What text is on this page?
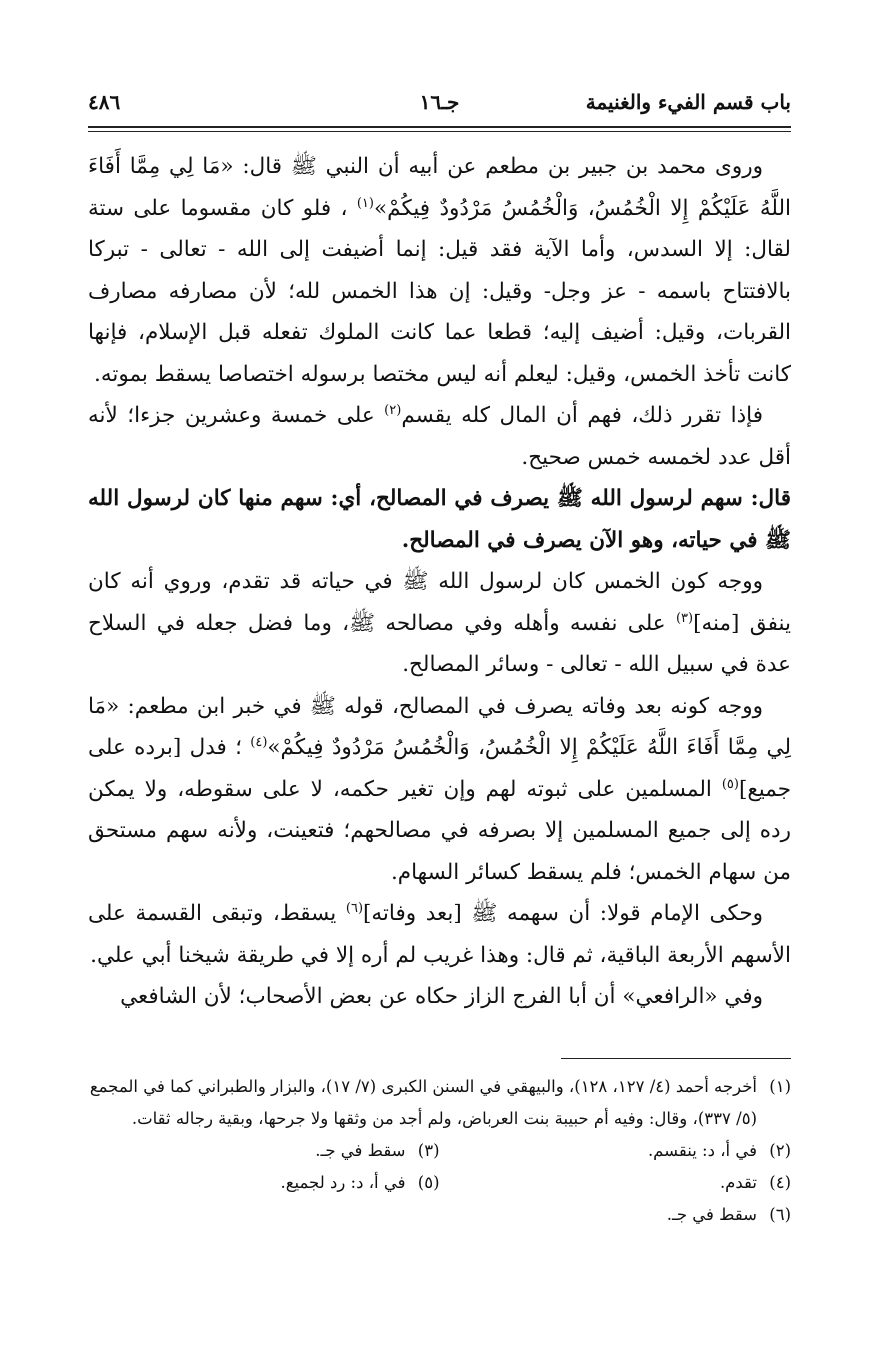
باب قسم الفيء والغنيمة
جـ١٦
٤٨٦

وروى محمد بن جبير بن مطعم عن أبيه أن النبي ﷺ قال: «مَا لِي مِمَّا أَفَاءَ اللَّهُ عَلَيْكُمْ إِلا الْخُمُسُ، وَالْخُمُسُ مَرْدُودٌ فِيكُمْ»$^{(١)}$ ، فلو كان مقسوما على ستة لقال: إلا السدس، وأما الآية فقد قيل: إنما أضيفت إلى الله - تعالى - تبركا بالافتتاح باسمه - عز وجل- وقيل: إن هذا الخمس لله؛ لأن مصارفه مصارف القربات، وقيل: أضيف إليه؛ قطعا عما كانت الملوك تفعله قبل الإسلام، فإنها كانت تأخذ الخمس، وقيل: ليعلم أنه ليس مختصا برسوله اختصاصا يسقط بموته.

فإذا تقرر ذلك، فهم أن المال كله يقسم$^{(٢)}$ على خمسة وعشرين جزءا؛ لأنه أقل عدد لخمسه خمس صحيح.

قال: سهم لرسول الله ﷺ يصرف في المصالح، أي: سهم منها كان لرسول الله ﷺ في حياته، وهو الآن يصرف في المصالح.

ووجه كون الخمس كان لرسول الله ﷺ في حياته قد تقدم، وروي أنه كان ينفق [منه]$^{(٣)}$ على نفسه وأهله وفي مصالحه ﷺ، وما فضل جعله في السلاح عدة في سبيل الله - تعالى - وسائر المصالح.

ووجه كونه بعد وفاته يصرف في المصالح، قوله ﷺ في خبر ابن مطعم: «مَا لِي مِمَّا أَفَاءَ اللَّهُ عَلَيْكُمْ إِلا الْخُمُسُ، وَالْخُمُسُ مَرْدُودٌ فِيكُمْ»$^{(٤)}$ ؛ فدل [برده على جميع]$^{(٥)}$ المسلمين على ثبوته لهم وإن تغير حكمه، لا على سقوطه، ولا يمكن رده إلى جميع المسلمين إلا بصرفه في مصالحهم؛ فتعينت، ولأنه سهم مستحق من سهام الخمس؛ فلم يسقط كسائر السهام.

وحكى الإمام قولا: أن سهمه ﷺ [بعد وفاته]$^{(٦)}$ يسقط، وتبقى القسمة على الأسهم الأربعة الباقية، ثم قال: وهذا غريب لم أره إلا في طريقة شيخنا أبي علي.

وفي «الرافعي» أن أبا الفرج الزاز حكاه عن بعض الأصحاب؛ لأن الشافعي

(١)
أخرجه أحمد (٤/ ١٢٧، ١٢٨)، والبيهقي في السنن الكبرى (٧/ ١٧)، والبزار والطبراني كما في المجمع (٥/ ٣٣٧)، وقال: وفيه أم حبيبة بنت العرباض، ولم أجد من وثقها ولا جرحها، وبقية رجاله ثقات.
(٢)
في أ، د: ينقسم.
(٣)
سقط في جـ.
(٤)
تقدم.
(٥)
في أ، د: رد لجميع.
(٦)
سقط في جـ.
